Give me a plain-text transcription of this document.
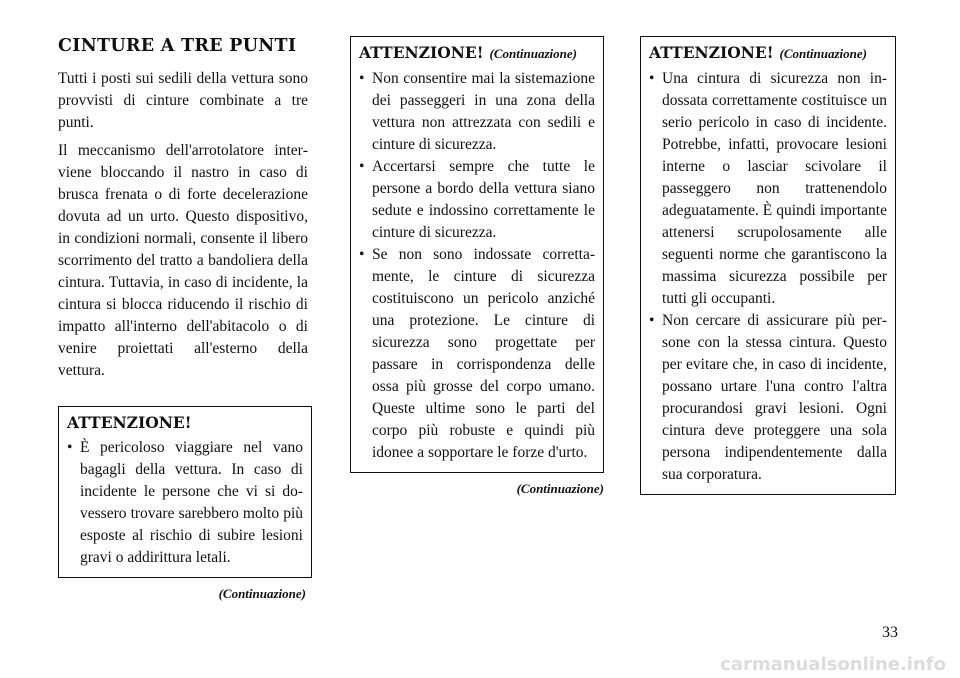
CINTURE A TRE PUNTI

Tutti i posti sui sedili della vettura sono provvisti di cinture combinate a tre punti.

Il meccanismo dell'arrotolatore interviene bloccando il nastro in caso di brusca frenata o di forte decelerazione dovuta ad un urto. Questo dispositivo, in condizioni normali, consente il libero scorrimento del tratto a bandoliera della cintura. Tuttavia, in caso di incidente, la cintura si blocca riducendo il rischio di impatto all'interno dell'abitacolo o di venire proiettati all'esterno della vettura.

ATTENZIONE!
• È pericoloso viaggiare nel vano bagagli della vettura. In caso di incidente le persone che vi si dovessero trovare sarebbero molto più esposte al rischio di subire lesioni gravi o addirittura letali.
(Continuazione)
ATTENZIONE! (Continuazione)
• Non consentire mai la sistemazione dei passeggeri in una zona della vettura non attrezzata con sedili e cinture di sicurezza.
• Accertarsi sempre che tutte le persone a bordo della vettura siano sedute e indossino correttamente le cinture di sicurezza.
• Se non sono indossate correttamente, le cinture di sicurezza costituiscono un pericolo anziché una protezione. Le cinture di sicurezza sono progettate per passare in corrispondenza delle ossa più grosse del corpo umano. Queste ultime sono le parti del corpo più robuste e quindi più idonee a sopportare le forze d'urto.
(Continuazione)
ATTENZIONE! (Continuazione)
• Una cintura di sicurezza non indossata correttamente costituisce un serio pericolo in caso di incidente. Potrebbe, infatti, provocare lesioni interne o lasciar scivolare il passeggero non trattenendolo adeguatamente. È quindi importante attenersi scrupolosamente alle seguenti norme che garantiscono la massima sicurezza possibile per tutti gli occupanti.
• Non cercare di assicurare più persone con la stessa cintura. Questo per evitare che, in caso di incidente, possano urtare l'una contro l'altra procurandosi gravi lesioni. Ogni cintura deve proteggere una sola persona indipendentemente dalla sua corporatura.
33
carmanualsonline.info
